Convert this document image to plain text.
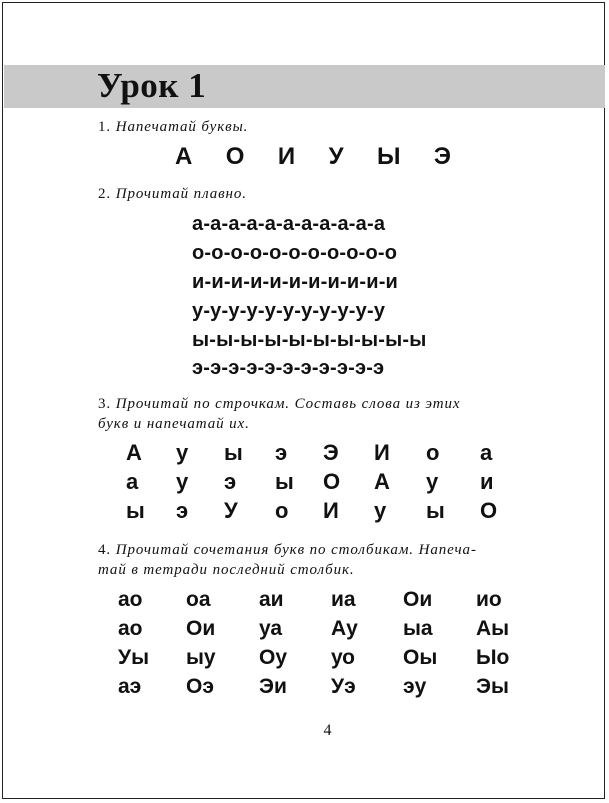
Урок 1

1. Напечатай буквы.

А О И У Ы Э

2. Прочитай плавно.

а-а-а-а-а-а-а-а-а-а-а
о-о-о-о-о-о-о-о-о-о-о
и-и-и-и-и-и-и-и-и-и-и
у-у-у-у-у-у-у-у-у-у-у
ы-ы-ы-ы-ы-ы-ы-ы-ы-ы
э-э-э-э-э-э-э-э-э-э-э

3. Прочитай по строчкам. Составь слова из этих

букв и напечатай их.

А у ы э Э И о а
а у э ы О А у и
ы э У о И у ы О

4. Прочитай сочетания букв по столбикам. Напеча-

тай в тетради последний столбик.

ао оа аи иа Ои ио
ао Ои уа Ау ыа Аы
Уы ыу Оу уо Оы Ыо
аэ Оэ Эи Уэ эу Эы
4
